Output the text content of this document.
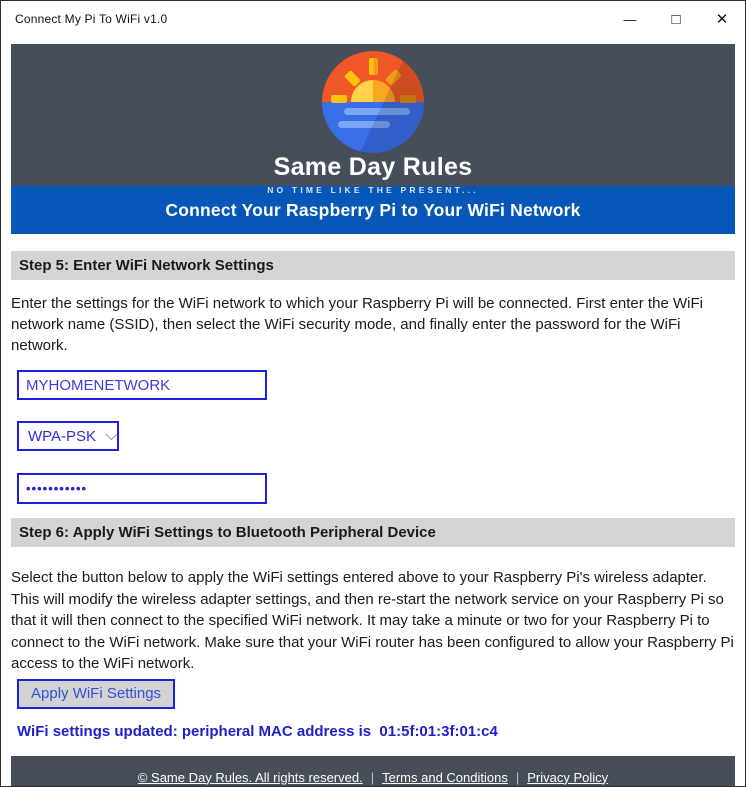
Connect My Pi To WiFi v1.0	— □ ✕
Same Day Rules
NO TIME LIKE THE PRESENT...
Connect Your Raspberry Pi to Your WiFi Network
Step 5: Enter WiFi Network Settings

Enter the settings for the WiFi network to which your Raspberry Pi will be connected. First enter the WiFi network name (SSID), then select the WiFi security mode, and finally enter the password for the WiFi network.

MYHOMENETWORK
WPA-PSK
•••••••••••
Step 6: Apply WiFi Settings to Bluetooth Peripheral Device

Select the button below to apply the WiFi settings entered above to your Raspberry Pi's wireless adapter. This will modify the wireless adapter settings, and then re-start the network service on your Raspberry Pi so that it will then connect to the specified WiFi network. It may take a minute or two for your Raspberry Pi to connect to the WiFi network. Make sure that your WiFi router has been configured to allow your Raspberry Pi access to the WiFi network.

Apply WiFi Settings
WiFi settings updated: peripheral MAC address is  01:5f:01:3f:01:c4
© Same Day Rules. All rights reserved. | Terms and Conditions | Privacy Policy
